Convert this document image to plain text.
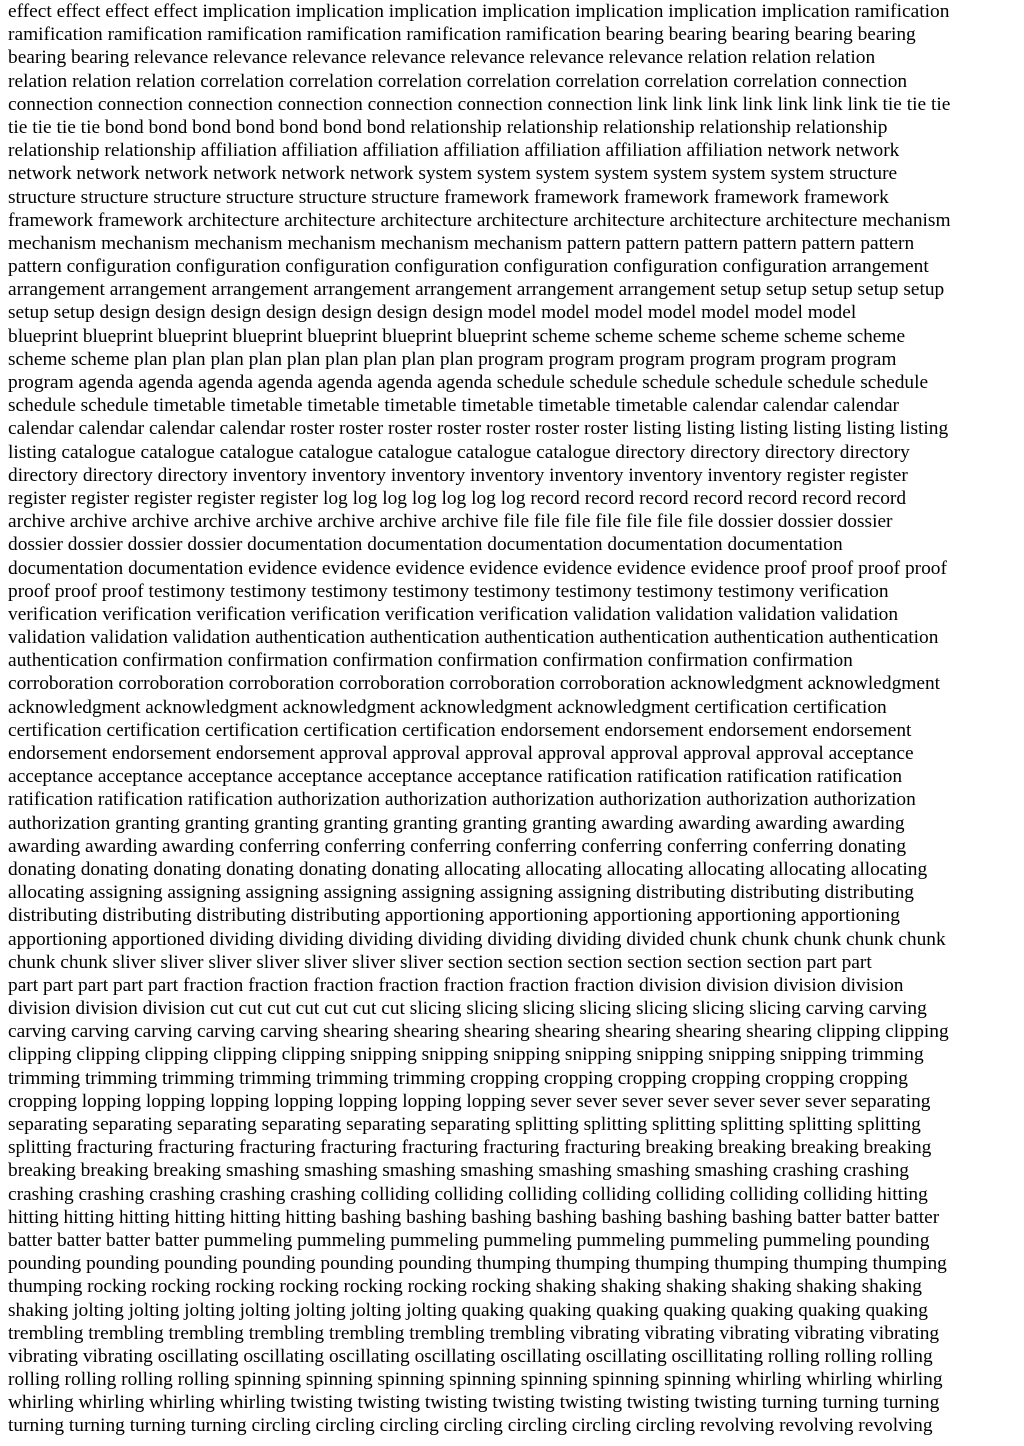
effect effect effect effect implication implication implication implication implication implication implication ramification
ramification ramification ramification ramification ramification ramification bearing bearing bearing bearing bearing
bearing bearing relevance relevance relevance relevance relevance relevance relevance relation relation relation
relation relation relation correlation correlation correlation correlation correlation correlation correlation connection
connection connection connection connection connection connection connection link link link link link link link tie tie tie
tie tie tie tie bond bond bond bond bond bond bond relationship relationship relationship relationship relationship
relationship relationship affiliation affiliation affiliation affiliation affiliation affiliation affiliation network network
network network network network network network system system system system system system system structure
structure structure structure structure structure structure framework framework framework framework framework
framework framework architecture architecture architecture architecture architecture architecture architecture mechanism
mechanism mechanism mechanism mechanism mechanism mechanism pattern pattern pattern pattern pattern pattern
pattern configuration configuration configuration configuration configuration configuration configuration arrangement
arrangement arrangement arrangement arrangement arrangement arrangement arrangement setup setup setup setup setup
setup setup design design design design design design design model model model model model model model
blueprint blueprint blueprint blueprint blueprint blueprint blueprint scheme scheme scheme scheme scheme scheme
scheme scheme plan plan plan plan plan plan plan plan plan program program program program program program
program agenda agenda agenda agenda agenda agenda agenda schedule schedule schedule schedule schedule schedule
schedule schedule timetable timetable timetable timetable timetable timetable timetable calendar calendar calendar
calendar calendar calendar calendar roster roster roster roster roster roster roster listing listing listing listing listing listing
listing catalogue catalogue catalogue catalogue catalogue catalogue catalogue directory directory directory directory
directory directory directory inventory inventory inventory inventory inventory inventory inventory register register
register register register register register log log log log log log log record record record record record record record
archive archive archive archive archive archive archive archive file file file file file file file dossier dossier dossier
dossier dossier dossier dossier documentation documentation documentation documentation documentation
documentation documentation evidence evidence evidence evidence evidence evidence evidence proof proof proof proof
proof proof proof testimony testimony testimony testimony testimony testimony testimony testimony verification
verification verification verification verification verification verification validation validation validation validation
validation validation validation authentication authentication authentication authentication authentication authentication
authentication confirmation confirmation confirmation confirmation confirmation confirmation confirmation
corroboration corroboration corroboration corroboration corroboration corroboration acknowledgment acknowledgment
acknowledgment acknowledgment acknowledgment acknowledgment acknowledgment certification certification
certification certification certification certification certification endorsement endorsement endorsement endorsement
endorsement endorsement endorsement approval approval approval approval approval approval approval acceptance
acceptance acceptance acceptance acceptance acceptance acceptance ratification ratification ratification ratification
ratification ratification ratification authorization authorization authorization authorization authorization authorization
authorization granting granting granting granting granting granting granting awarding awarding awarding awarding
awarding awarding awarding conferring conferring conferring conferring conferring conferring conferring donating
donating donating donating donating donating donating allocating allocating allocating allocating allocating allocating
allocating assigning assigning assigning assigning assigning assigning assigning distributing distributing distributing
distributing distributing distributing distributing apportioning apportioning apportioning apportioning apportioning
apportioning apportioned dividing dividing dividing dividing dividing dividing divided chunk chunk chunk chunk chunk
chunk chunk sliver sliver sliver sliver sliver sliver sliver section section section section section section part part
part part part part part fraction fraction fraction fraction fraction fraction fraction division division division division
division division division cut cut cut cut cut cut cut slicing slicing slicing slicing slicing slicing slicing carving carving
carving carving carving carving carving shearing shearing shearing shearing shearing shearing shearing clipping clipping
clipping clipping clipping clipping clipping snipping snipping snipping snipping snipping snipping snipping trimming
trimming trimming trimming trimming trimming trimming cropping cropping cropping cropping cropping cropping
cropping lopping lopping lopping lopping lopping lopping lopping sever sever sever sever sever sever sever separating
separating separating separating separating separating separating splitting splitting splitting splitting splitting splitting
splitting fracturing fracturing fracturing fracturing fracturing fracturing fracturing breaking breaking breaking breaking
breaking breaking breaking smashing smashing smashing smashing smashing smashing smashing crashing crashing
crashing crashing crashing crashing crashing colliding colliding colliding colliding colliding colliding colliding hitting
hitting hitting hitting hitting hitting hitting bashing bashing bashing bashing bashing bashing bashing batter batter batter
batter batter batter batter pummeling pummeling pummeling pummeling pummeling pummeling pummeling pounding
pounding pounding pounding pounding pounding pounding thumping thumping thumping thumping thumping thumping
thumping rocking rocking rocking rocking rocking rocking rocking shaking shaking shaking shaking shaking shaking
shaking jolting jolting jolting jolting jolting jolting jolting quaking quaking quaking quaking quaking quaking quaking
trembling trembling trembling trembling trembling trembling trembling vibrating vibrating vibrating vibrating vibrating
vibrating vibrating oscillating oscillating oscillating oscillating oscillating oscillating oscillitating rolling rolling rolling
rolling rolling rolling rolling spinning spinning spinning spinning spinning spinning spinning whirling whirling whirling
whirling whirling whirling whirling twisting twisting twisting twisting twisting twisting twisting turning turning turning
turning turning turning turning circling circling circling circling circling circling circling revolving revolving revolving
